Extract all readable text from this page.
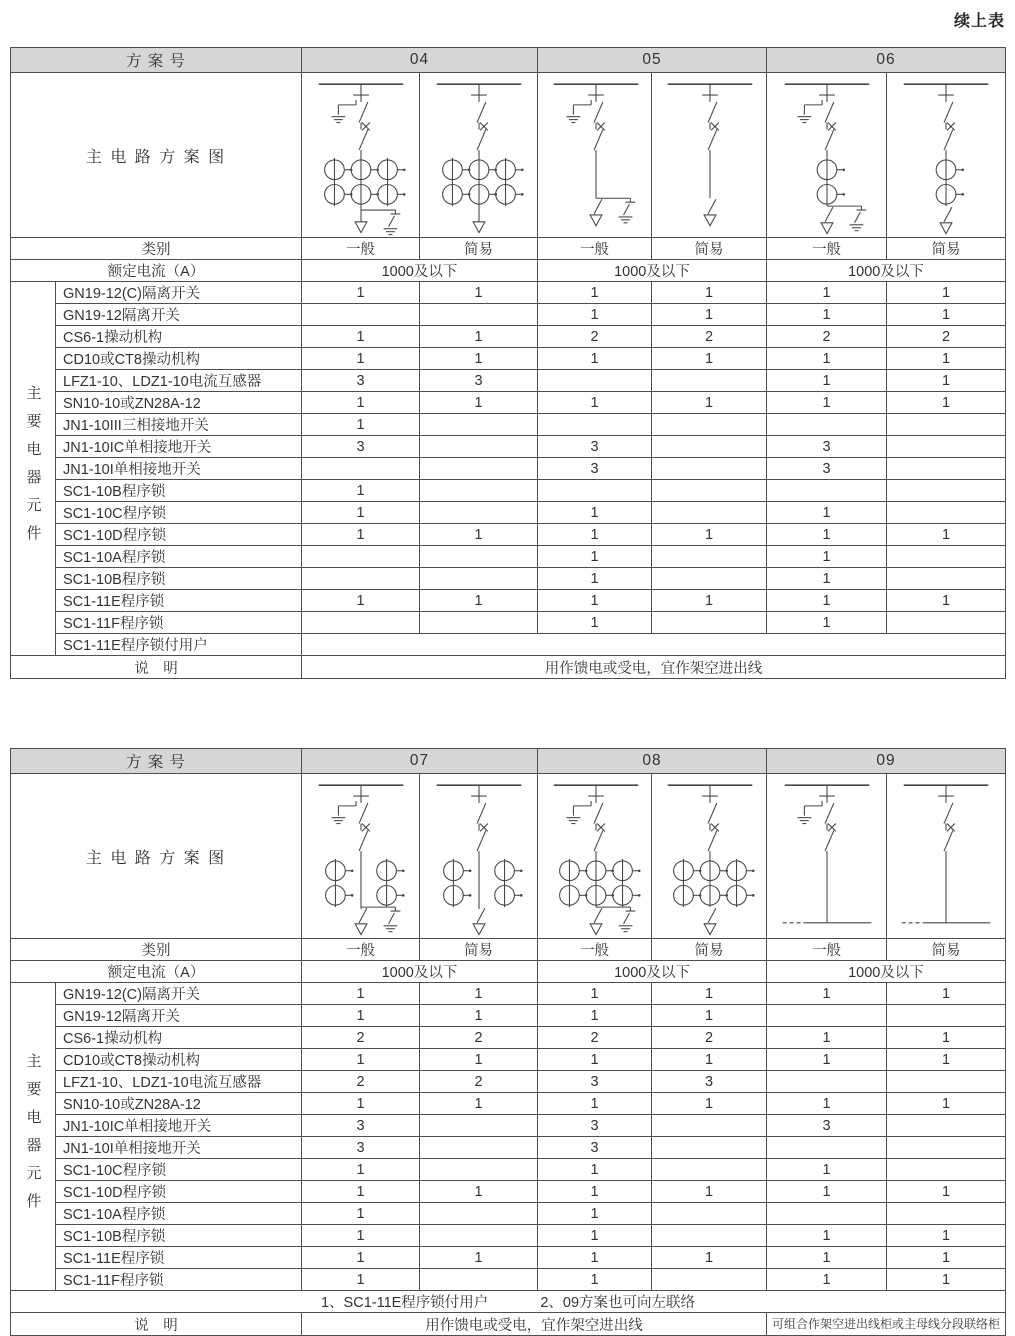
续上表
方 案 号		04		05		06	
主 电 路 方 案 图	

类别		一般	简易	一般	简易	一般	简易
额定电流（A）		1000及以下		1000及以下		1000及以下	
主要电器元件	GN19-12(C)隔离开关	1	1	1	1	1	1
	GN19-12隔离开关			1	1	1	1
	CS6-1操动机构	1	1	2	2	2	2
	CD10或CT8操动机构	1	1	1	1	1	1
	LFZ1-10、LDZ1-10电流互感器	3	3			1	1
	SN10-10或ZN28A-12	1	1	1	1	1	1
	JN1-10III三相接地开关	1					
	JN1-10IC单相接地开关	3		3		3	
	JN1-10I单相接地开关			3		3	
	SC1-10B程序锁	1					
	SC1-10C程序锁	1		1		1	
	SC1-10D程序锁	1	1	1	1	1	1
	SC1-10A程序锁			1		1	
	SC1-10B程序锁			1		1	
	SC1-11E程序锁	1	1	1	1	1	1
	SC1-11F程序锁			1		1	
	SC1-11E程序锁付用户						
说　明		用作馈电或受电，宜作架空进出线					
方 案 号		07		08		09	
主 电 路 方 案 图	

类别		一般	简易	一般	简易	一般	简易
额定电流（A）		1000及以下		1000及以下		1000及以下	
主要电器元件	GN19-12(C)隔离开关	1	1	1	1	1	1
	GN19-12隔离开关	1	1	1	1		
	CS6-1操动机构	2	2	2	2	1	1
	CD10或CT8操动机构	1	1	1	1	1	1
	LFZ1-10、LDZ1-10电流互感器	2	2	3	3		
	SN10-10或ZN28A-12	1	1	1	1	1	1
	JN1-10IC单相接地开关	3		3		3	
	JN1-10I单相接地开关	3		3			
	SC1-10C程序锁	1		1		1	
	SC1-10D程序锁	1	1	1	1	1	1
	SC1-10A程序锁	1		1			
	SC1-10B程序锁	1		1		1	1
	SC1-11E程序锁	1	1	1	1	1	1
	SC1-11F程序锁	1		1		1	1
1、SC1-11E程序锁付用户 2、09方案也可向左联络							
说　明		用作馈电或受电，宜作架空进出线				可组合作架空进出线柜或主母线分段联络柜	
